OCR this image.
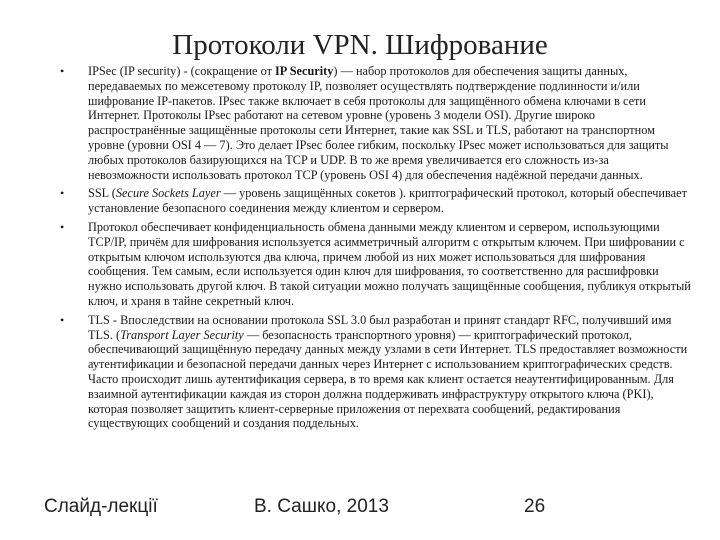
Протоколи VPN. Шифрование
• IPSec (IP security) - (сокращение от IP Security) — набор протоколов для обеспечения защиты данных, передаваемых по межсетевому протоколу IP, позволяет осуществлять подтверждение подлинности и/или шифрование IP-пакетов. IPsec также включает в себя протоколы для защищённого обмена ключами в сети Интернет. Протоколы IPsec работают на сетевом уровне (уровень 3 модели OSI). Другие широко распространённые защищённые протоколы сети Интернет, такие как SSL и TLS, работают на транспортном уровне (уровни OSI 4 — 7). Это делает IPsec более гибким, поскольку IPsec может использоваться для защиты любых протоколов базирующихся на TCP и UDP. В то же время увеличивается его сложность из-за невозможности использовать протокол TCP (уровень OSI 4) для обеспечения надёжной передачи данных.
• SSL (Secure Sockets Layer — уровень защищённых сокетов ). криптографический протокол, который обеспечивает установление безопасного соединения между клиентом и сервером.
• Протокол обеспечивает конфиденциальность обмена данными между клиентом и сервером, использующими TCP/IP, причём для шифрования используется асимметричный алгоритм с открытым ключем. При шифровании с открытым ключом используются два ключа, причем любой из них может использоваться для шифрования сообщения. Тем самым, если используется один ключ для шифрования, то соответственно для расшифровки нужно использовать другой ключ. В такой ситуации можно получать защищённые сообщения, публикуя открытый ключ, и храня в тайне секретный ключ.
• TLS - Впоследствии на основании протокола SSL 3.0 был разработан и принят стандарт RFC, получивший имя TLS. (Transport Layer Security — безопасность транспортного уровня) — криптографический протокол, обеспечивающий защищённую передачу данных между узлами в сети Интернет. TLS предоставляет возможности аутентификации и безопасной передачи данных через Интернет с использованием криптографических средств. Часто происходит лишь аутентификация сервера, в то время как клиент остается неаутентифицированным. Для взаимной аутентификации каждая из сторон должна поддерживать инфраструктуру открытого ключа (PKI), которая позволяет защитить клиент-серверные приложения от перехвата сообщений, редактирования существующих сообщений и создания поддельных.
Слайд-лекції	В. Сашко, 2013	26
